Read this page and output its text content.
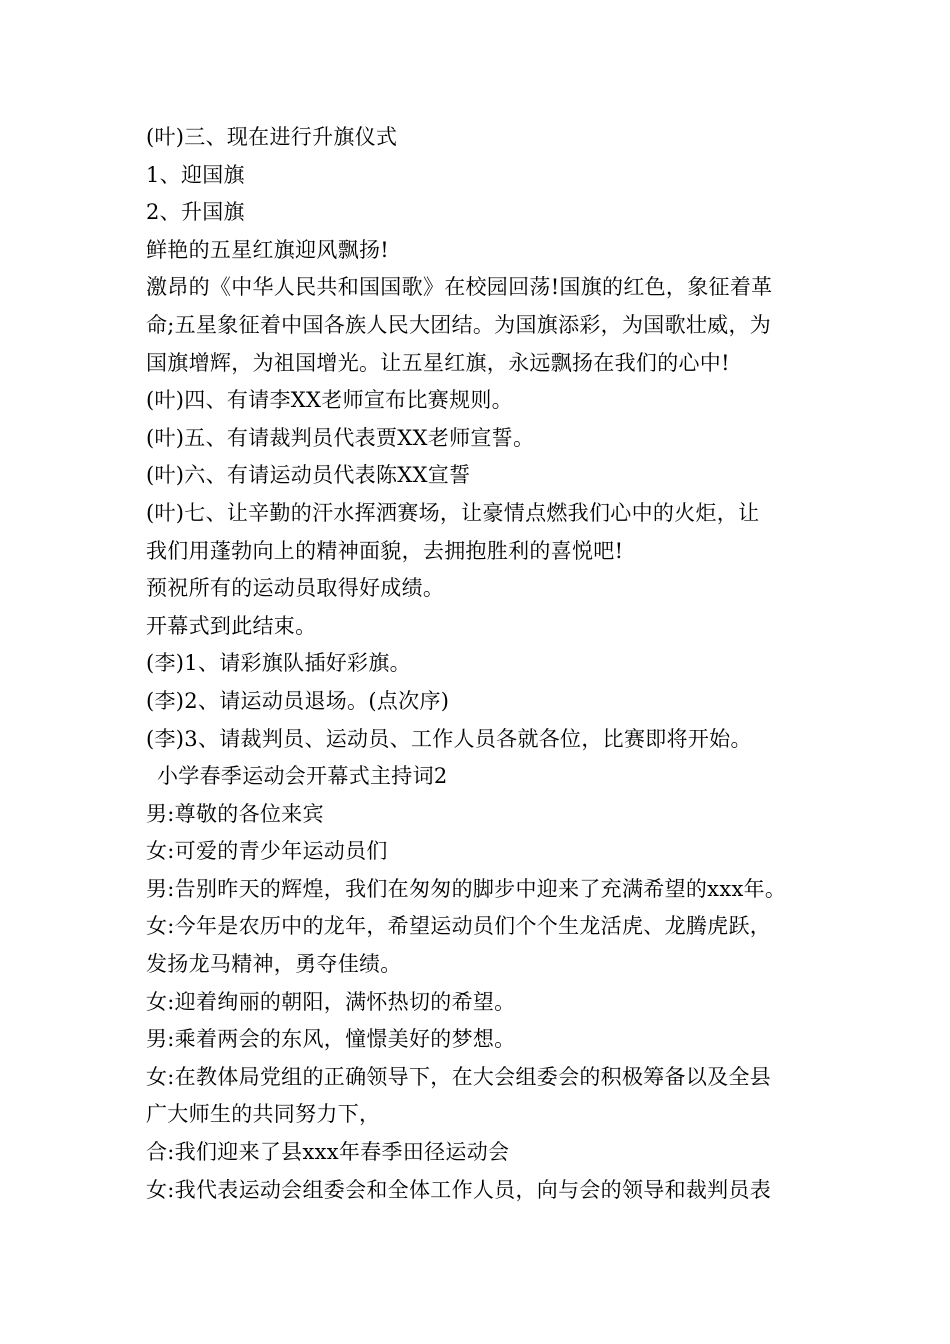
(叶)三、现在进行升旗仪式
1、迎国旗
2、升国旗
鲜艳的五星红旗迎风飘扬!
激昂的《中华人民共和国国歌》在校园回荡!国旗的红色，象征着革
命;五星象征着中国各族人民大团结。为国旗添彩，为国歌壮威，为
国旗增辉，为祖国增光。让五星红旗，永远飘扬在我们的心中!
(叶)四、有请李XX老师宣布比赛规则。
(叶)五、有请裁判员代表贾XX老师宣誓。
(叶)六、有请运动员代表陈XX宣誓
(叶)七、让辛勤的汗水挥洒赛场，让豪情点燃我们心中的火炬，让
我们用蓬勃向上的精神面貌，去拥抱胜利的喜悦吧!
预祝所有的运动员取得好成绩。
开幕式到此结束。
(李)1、请彩旗队插好彩旗。
(李)2、请运动员退场。(点次序)
(李)3、请裁判员、运动员、工作人员各就各位，比赛即将开始。
小学春季运动会开幕式主持词2
男:尊敬的各位来宾
女:可爱的青少年运动员们
男:告别昨天的辉煌，我们在匆匆的脚步中迎来了充满希望的xxx年。
女:今年是农历中的龙年，希望运动员们个个生龙活虎、龙腾虎跃，
发扬龙马精神，勇夺佳绩。
女:迎着绚丽的朝阳，满怀热切的希望。
男:乘着两会的东风，憧憬美好的梦想。
女:在教体局党组的正确领导下，在大会组委会的积极筹备以及全县
广大师生的共同努力下，
合:我们迎来了县xxx年春季田径运动会
女:我代表运动会组委会和全体工作人员，向与会的领导和裁判员表
